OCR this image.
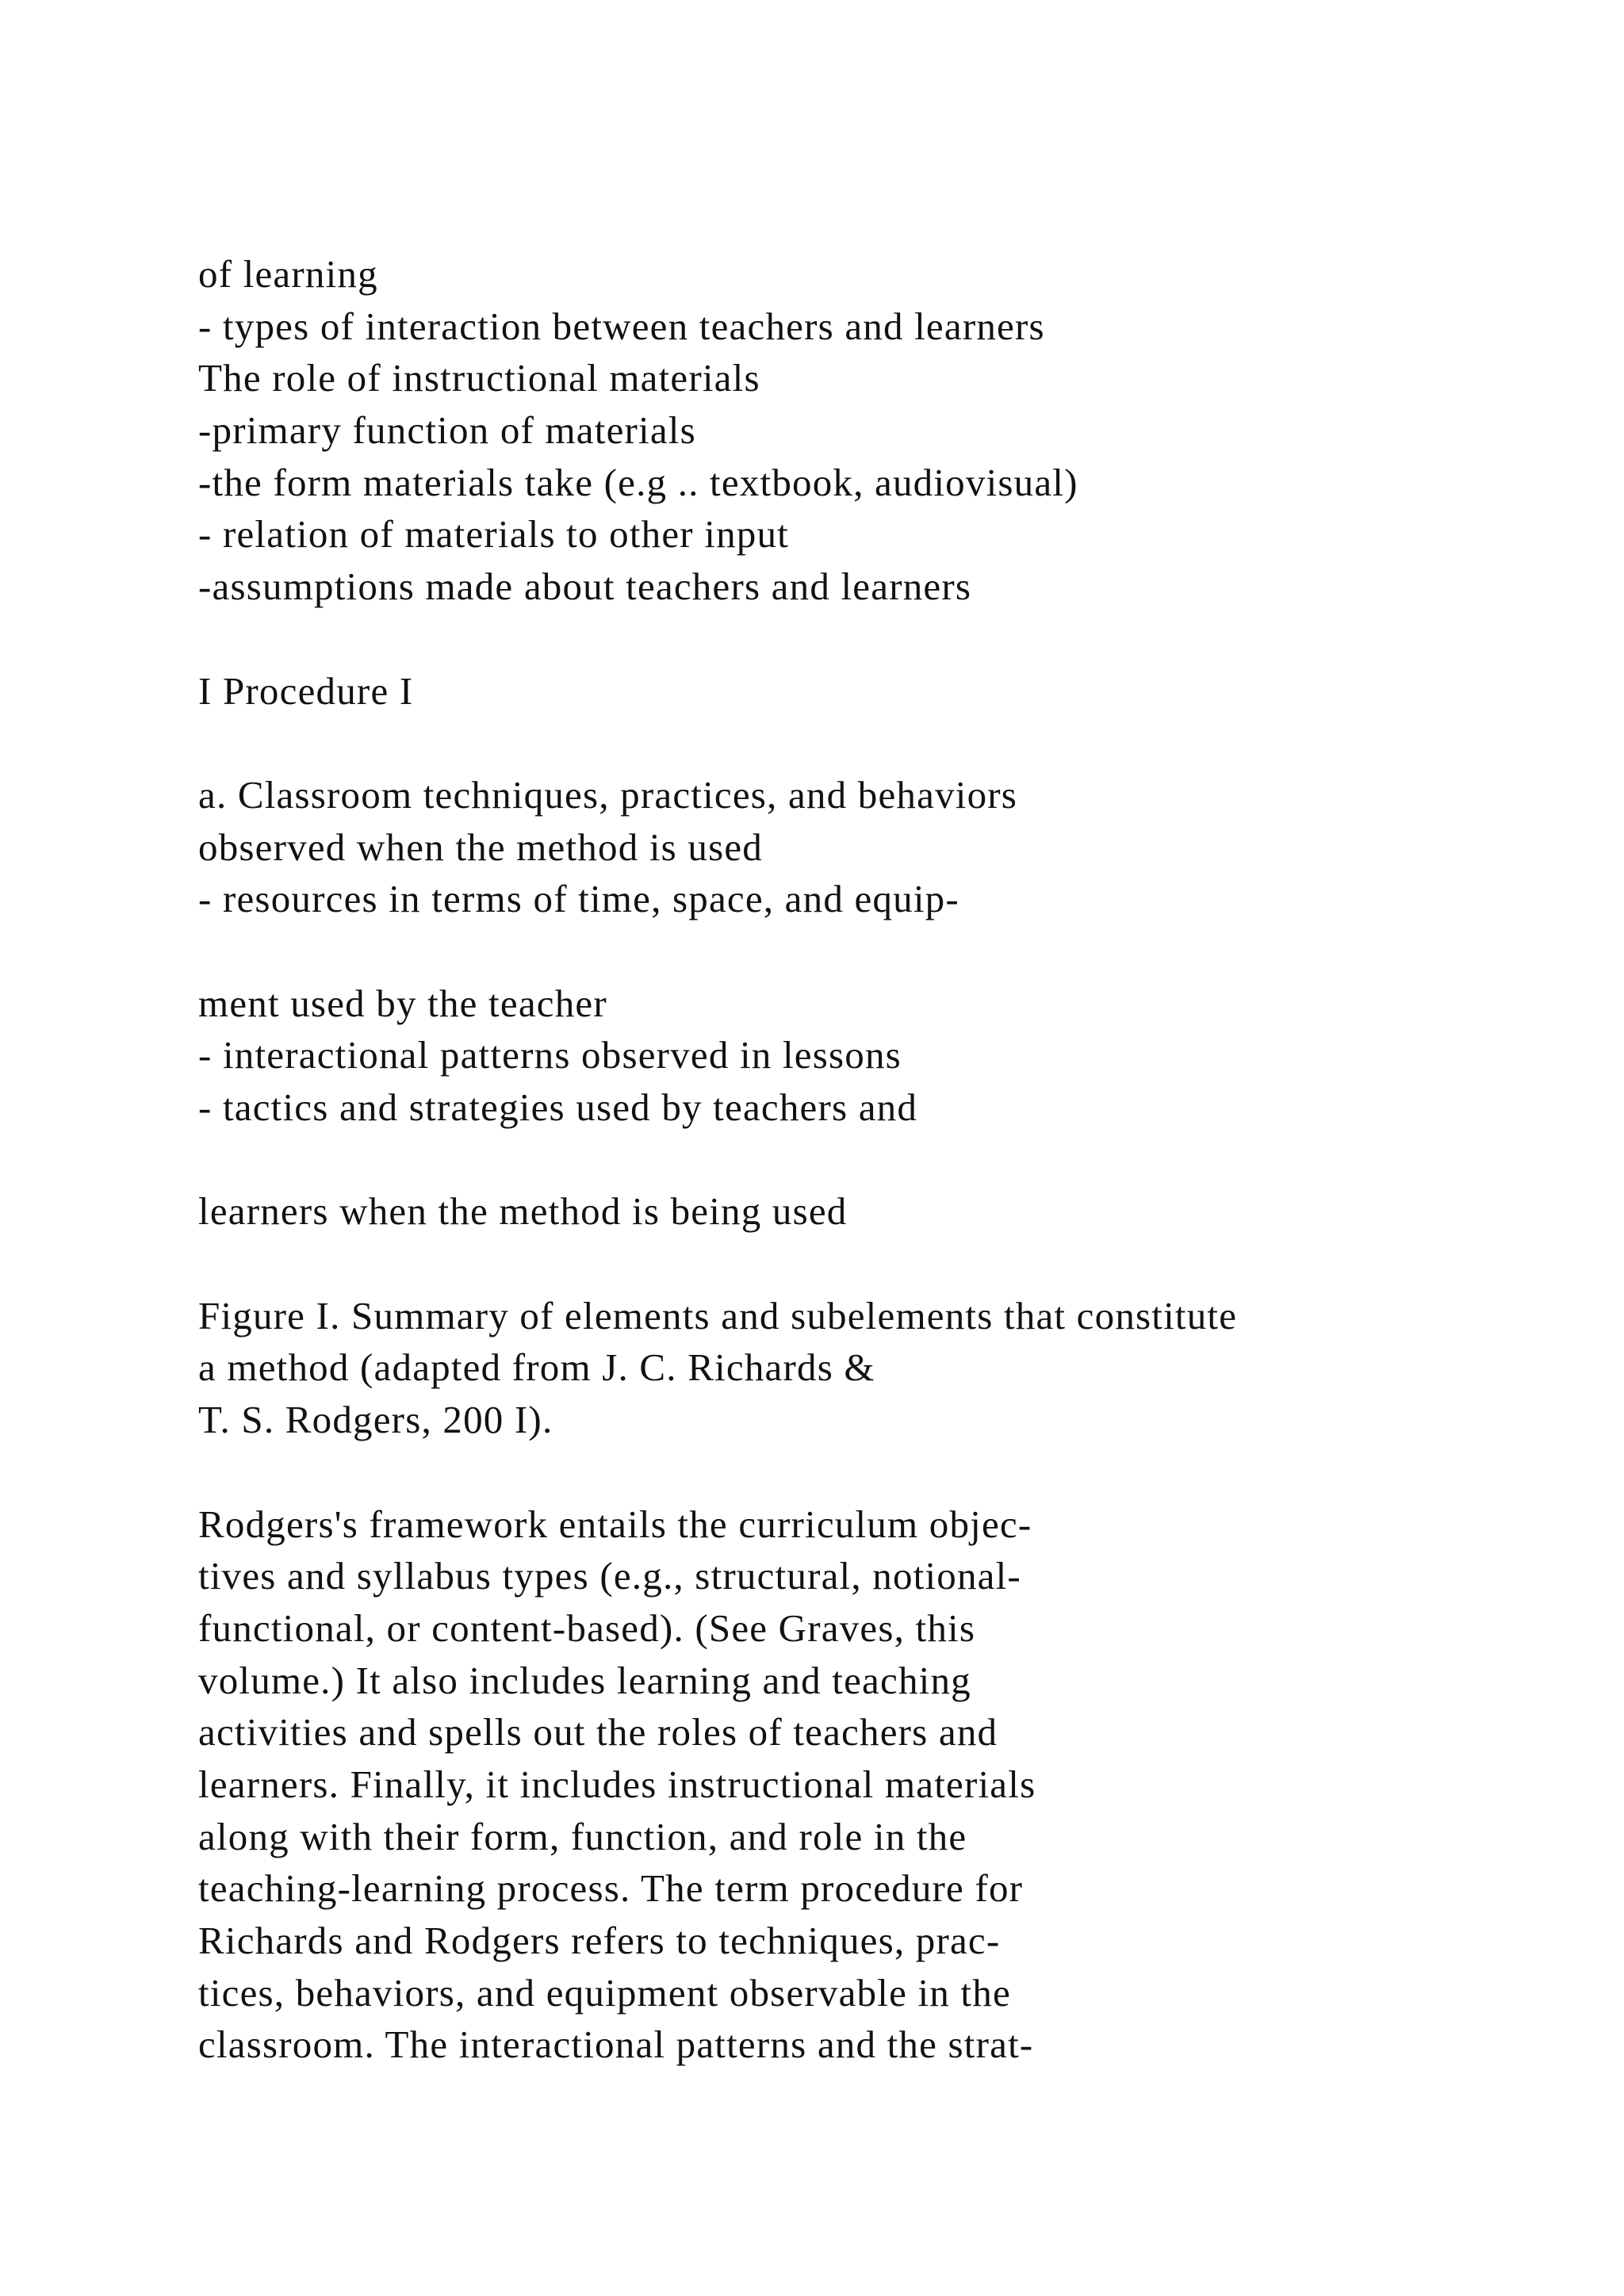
of learning
- types of interaction between teachers and learners
The role of instructional materials
-primary function of materials
-the form materials take (e.g .. textbook, audiovisual)
- relation of materials to other input
-assumptions made about teachers and learners
I Procedure I
a. Classroom techniques, practices, and behaviors
observed when the method is used
- resources in terms of time, space, and equip-
ment used by the teacher
- interactional patterns observed in lessons
- tactics and strategies used by teachers and
learners when the method is being used
Figure I. Summary of elements and subelements that constitute
a method (adapted from J. C. Richards &
T. S. Rodgers, 200 I).
Rodgers's framework entails the curriculum objec-
tives and syllabus types (e.g., structural, notional-
functional, or content-based). (See Graves, this
volume.) It also includes learning and teaching
activities and spells out the roles of teachers and
learners. Finally, it includes instructional materials
along with their form, function, and role in the
teaching-learning process. The term procedure for
Richards and Rodgers refers to techniques, prac-
tices, behaviors, and equipment observable in the
classroom. The interactional patterns and the strat-
